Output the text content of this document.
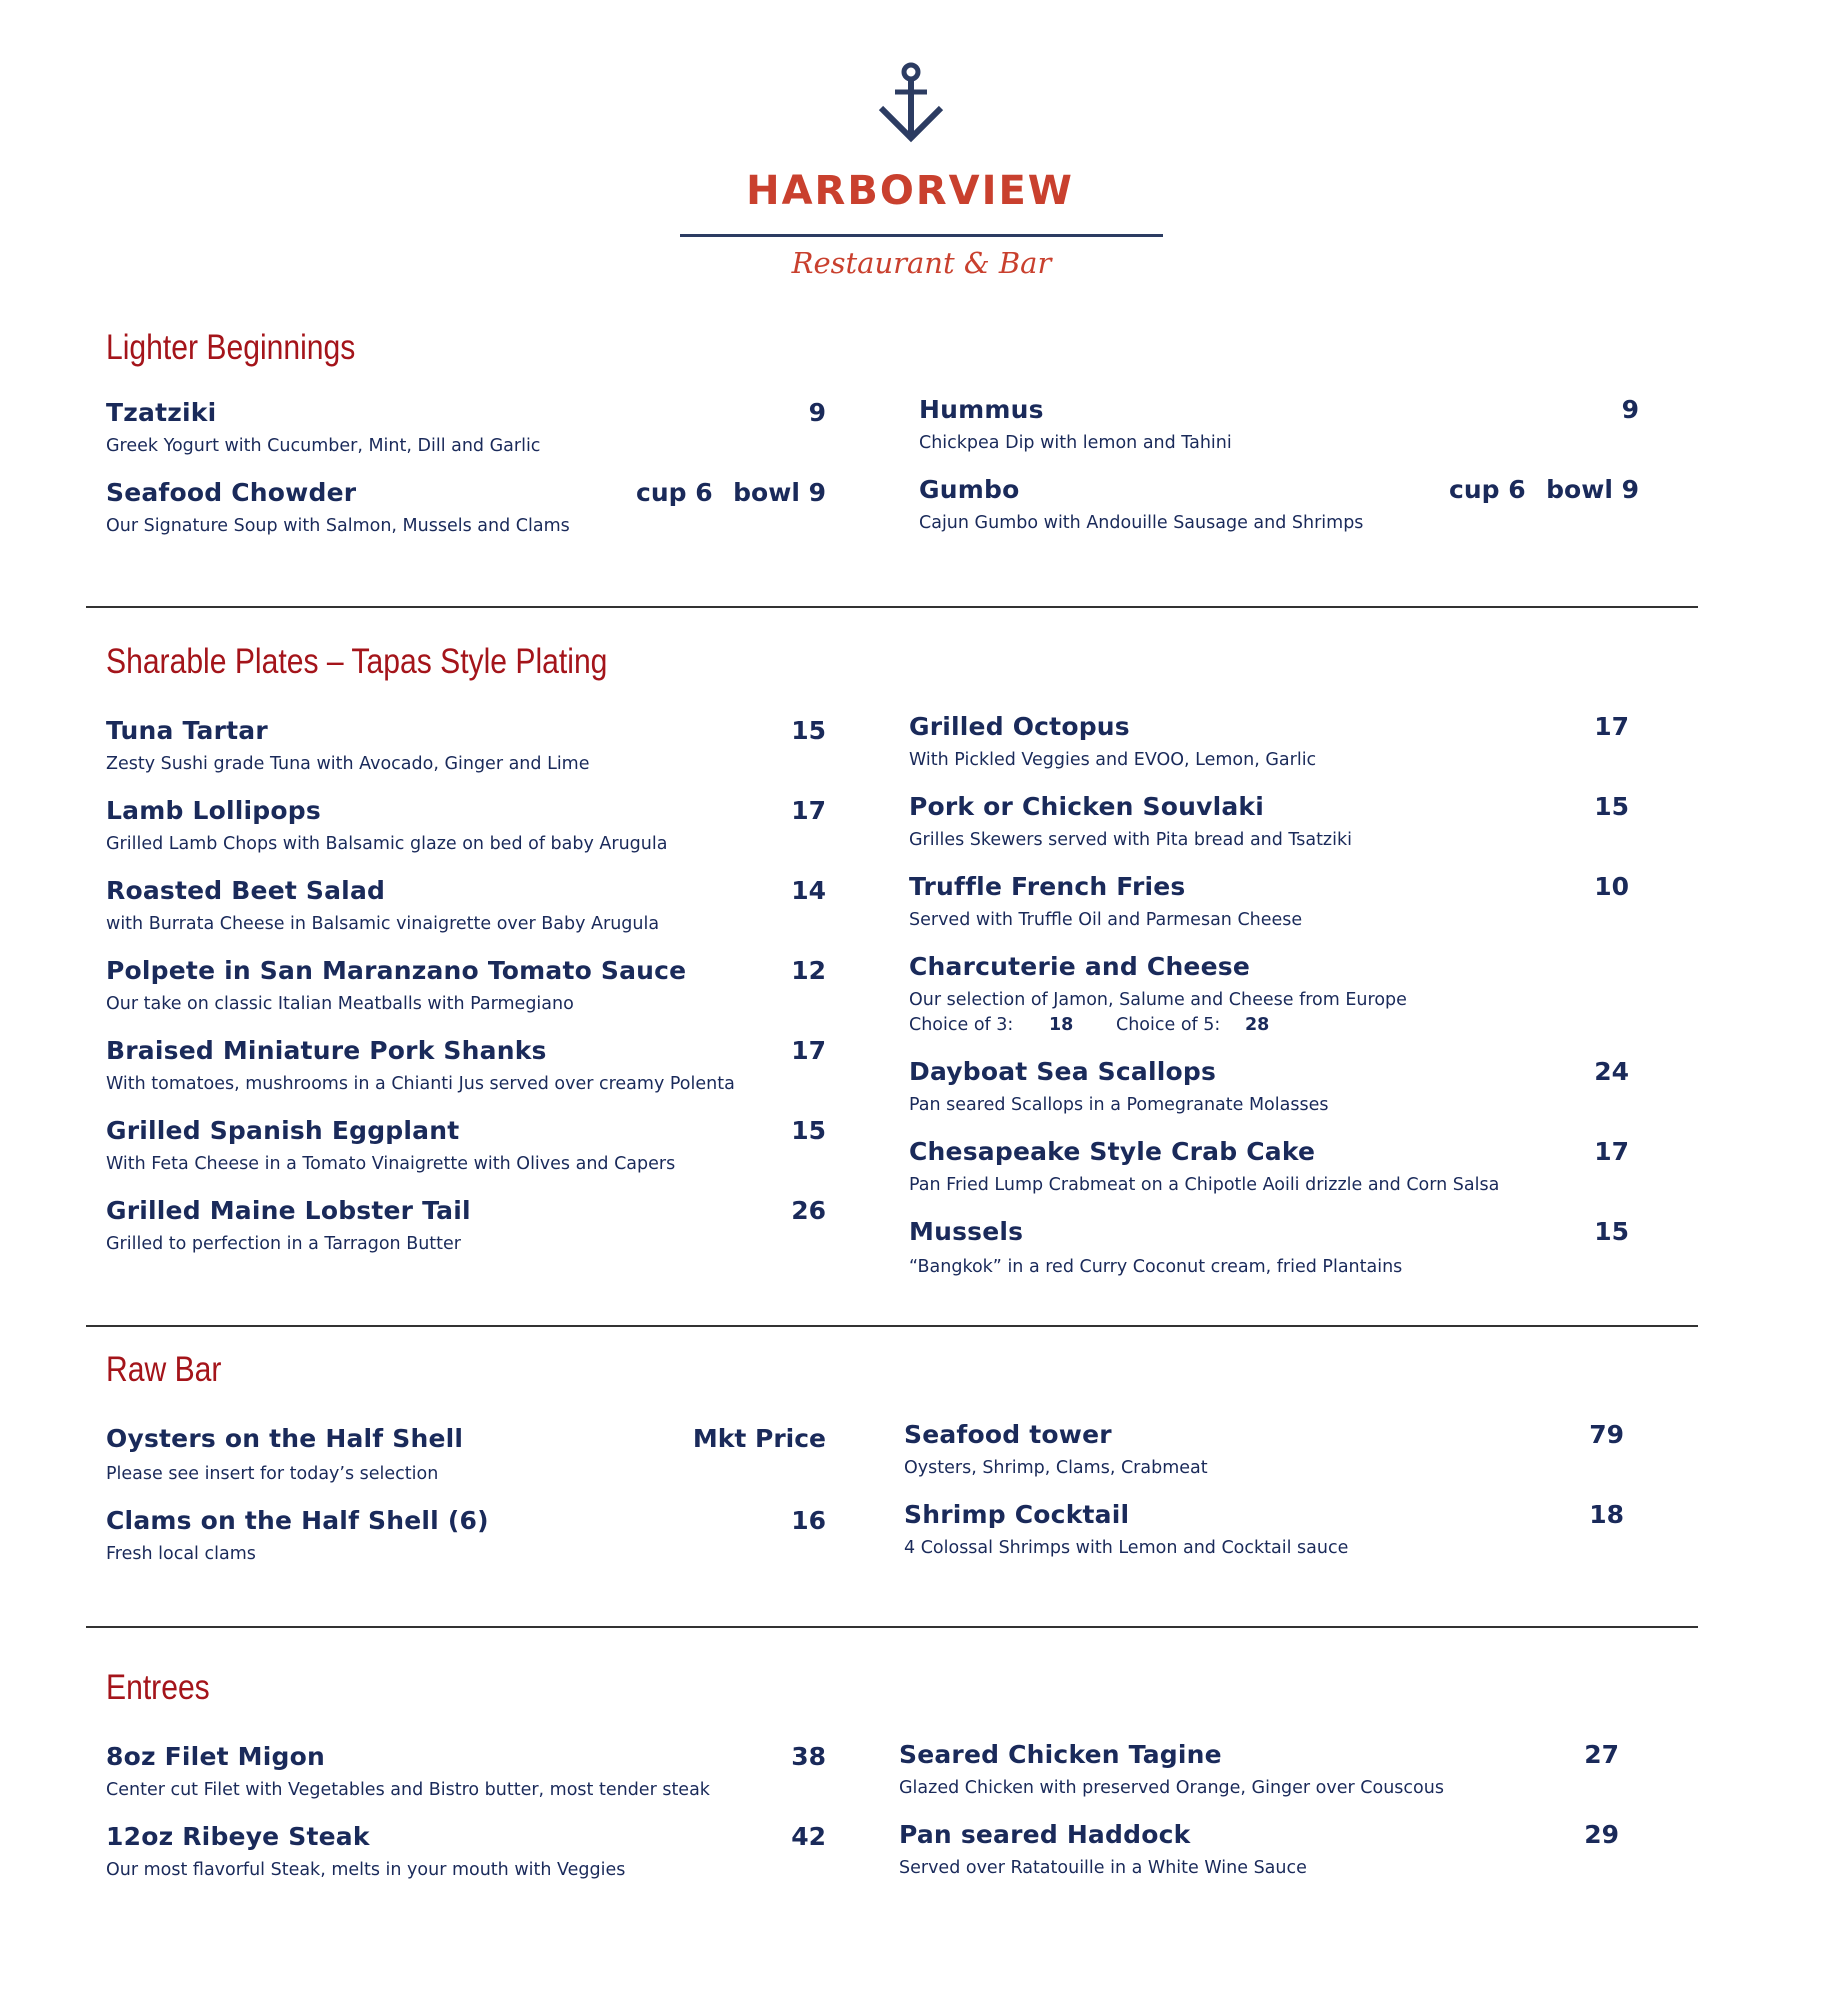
HARBORVIEW
Restaurant & Bar
Lighter Beginnings
Tzatziki	9
Greek Yogurt with Cucumber, Mint, Dill and Garlic
Seafood Chowder	cup 6 bowl 9
Our Signature Soup with Salmon, Mussels and Clams
Hummus	9
Chickpea Dip with lemon and Tahini
Gumbo	cup 6 bowl 9
Cajun Gumbo with Andouille Sausage and Shrimps
Sharable Plates – Tapas Style Plating
Tuna Tartar	15
Zesty Sushi grade Tuna with Avocado, Ginger and Lime
Lamb Lollipops	17
Grilled Lamb Chops with Balsamic glaze on bed of baby Arugula
Roasted Beet Salad	14
with Burrata Cheese in Balsamic vinaigrette over Baby Arugula
Polpete in San Maranzano Tomato Sauce	12
Our take on classic Italian Meatballs with Parmegiano
Braised Miniature Pork Shanks	17
With tomatoes, mushrooms in a Chianti Jus served over creamy Polenta
Grilled Spanish Eggplant	15
With Feta Cheese in a Tomato Vinaigrette with Olives and Capers
Grilled Maine Lobster Tail	26
Grilled to perfection in a Tarragon Butter
Grilled Octopus	17
With Pickled Veggies and EVOO, Lemon, Garlic
Pork or Chicken Souvlaki	15
Grilles Skewers served with Pita bread and Tsatziki
Truffle French Fries	10
Served with Truffle Oil and Parmesan Cheese
Charcuterie and Cheese
Our selection of Jamon, Salume and Cheese from Europe
Choice of 3: 18 Choice of 5: 28
Dayboat Sea Scallops	24
Pan seared Scallops in a Pomegranate Molasses
Chesapeake Style Crab Cake	17
Pan Fried Lump Crabmeat on a Chipotle Aoili drizzle and Corn Salsa
Mussels	15
“Bangkok” in a red Curry Coconut cream, fried Plantains
Raw Bar
Oysters on the Half Shell	Mkt Price
Please see insert for today’s selection
Clams on the Half Shell (6)	16
Fresh local clams
Seafood tower	79
Oysters, Shrimp, Clams, Crabmeat
Shrimp Cocktail	18
4 Colossal Shrimps with Lemon and Cocktail sauce
Entrees
8oz Filet Migon	38
Center cut Filet with Vegetables and Bistro butter, most tender steak
12oz Ribeye Steak	42
Our most flavorful Steak, melts in your mouth with Veggies
Seared Chicken Tagine	27
Glazed Chicken with preserved Orange, Ginger over Couscous
Pan seared Haddock	29
Served over Ratatouille in a White Wine Sauce
